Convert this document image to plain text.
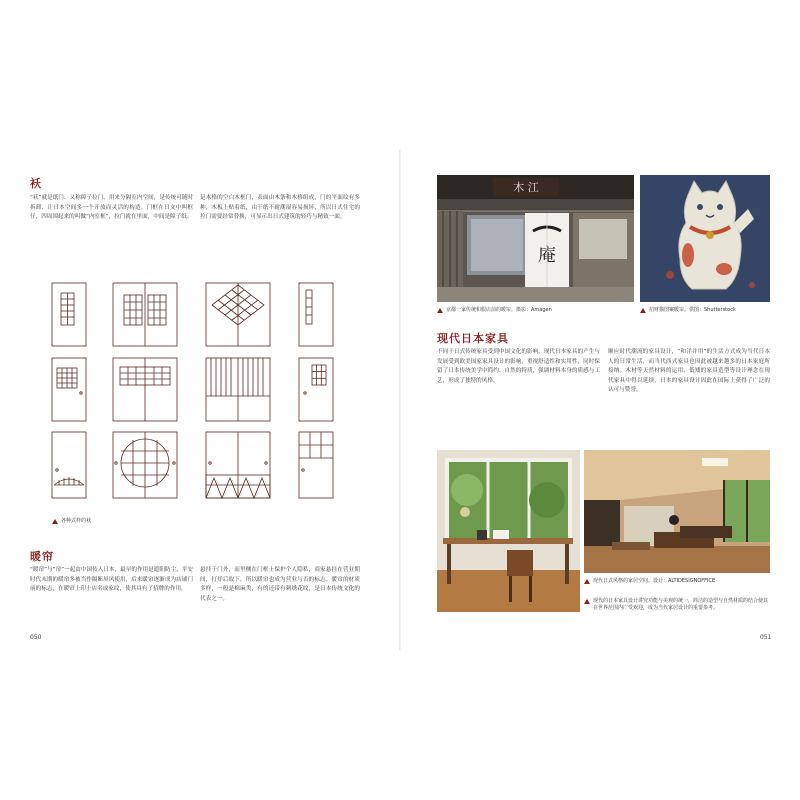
袄
“袄”就是纸门、又称障子拉门、用来分隔室内空间，是传统可随时拆卸、让日本空间多一个开放而灵活的构造。门框在日文中叫框仔，四周围起来的叫做“内室框”，拉门就在里面，中间是障子纸。
是木格的空白木框门，表面由木条和木格组成，门的平面纹有多种，木板上贴着纸，由于纸不耐潮湿容易损坏，所以日式住宅的拉门需要经常替换，可显示出日式建筑的轻巧与精致一面。
各种式样的袄
暖帘
“暖帘”与“帘”一起由中国传入日本，最早的作用是遮阳防尘，平安时代末期的暖帘多被当作隔断屏风使用，后来暖帘逐渐成为店铺门前的标志，在暖帘上印上店名或家纹，使其具有了招牌的作用。
悬挂于门外，而里侧在门框上保护个人隐私，商家悬挂在营业期间，打烊后取下，所以暖帘也成为营业与否的标志。暖帘的材质多样，一般是棉麻类，有的还带有刺绣花纹，是日本传统文化的代表之一。
050
木 江
庵
京都一家传统和服店前的暖帘。摄影：Amagen	招财猫图案暖帘。供图：Shutterstock
现代日本家具
不同于日式传统家具受到中国文化的影响，现代日本家具的产生与发展受到欧美国家家具设计的影响，重视舒适性和实用性，同时保留了日本传统美学中简约、自然的特质，强调材料本身的质感与工艺，形成了独特的风格。
顺应时代潮流的家具设计，“和洋并用”的生活方式成为当代日本人的日常生活，而当代西式家具也因此被越来越多的日本家庭所接纳。木材等天然材料的运用、低矮的家具造型等设计理念在现代家具中得以延续，日本的家具设计因此在国际上获得了广泛的认可与赞誉。
现代日式风格的家居空间。设计：ALTIDESIGNOFFICE
现代的日本家具设计讲究功能与美观的统一，简洁的造型与自然材质的结合使其在世界范围内广受欢迎，成为当代家居设计的重要参考。
051
